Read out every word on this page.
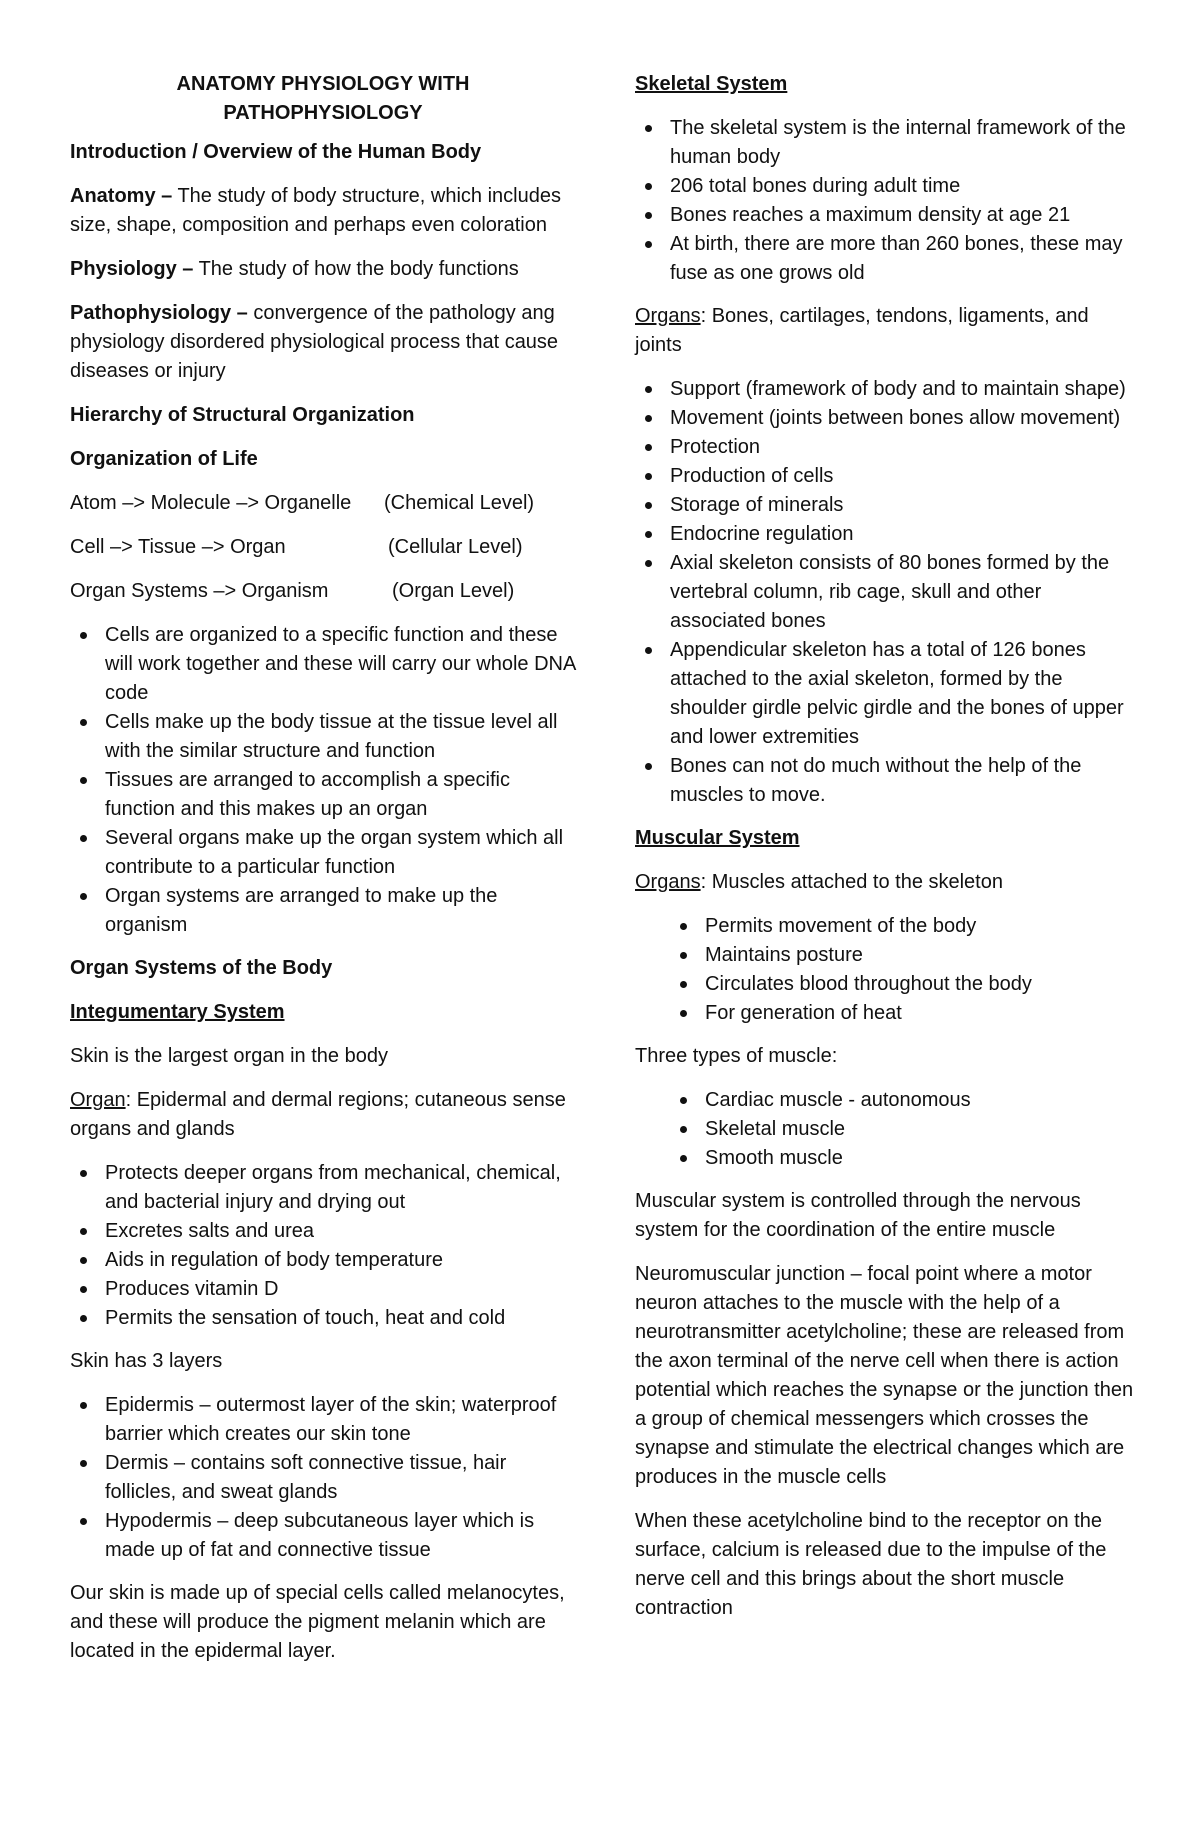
ANATOMY PHYSIOLOGY WITH
PATHOPHYSIOLOGY

Introduction / Overview of the Human Body

Anatomy – The study of body structure, which includes size, shape, composition and perhaps even coloration

Physiology – The study of how the body functions

Pathophysiology – convergence of the pathology ang physiology disordered physiological process that cause diseases or injury

Hierarchy of Structural Organization

Organization of Life

Atom –> Molecule –> Organelle	(Chemical Level)

Cell –> Tissue –> Organ	(Cellular Level)

Organ Systems –> Organism	(Organ Level)

Cells are organized to a specific function and these will work together and these will carry our whole DNA code
Cells make up the body tissue at the tissue level all with the similar structure and function
Tissues are arranged to accomplish a specific function and this makes up an organ
Several organs make up the organ system which all contribute to a particular function
Organ systems are arranged to make up the organism

Organ Systems of the Body

Integumentary System

Skin is the largest organ in the body

Organ: Epidermal and dermal regions; cutaneous sense organs and glands

Protects deeper organs from mechanical, chemical, and bacterial injury and drying out
Excretes salts and urea
Aids in regulation of body temperature
Produces vitamin D
Permits the sensation of touch, heat and cold

Skin has 3 layers

Epidermis – outermost layer of the skin; waterproof barrier which creates our skin tone
Dermis – contains soft connective tissue, hair follicles, and sweat glands
Hypodermis – deep subcutaneous layer which is made up of fat and connective tissue

Our skin is made up of special cells called melanocytes, and these will produce the pigment melanin which are located in the epidermal layer.

Skeletal System

The skeletal system is the internal framework of the human body
206 total bones during adult time
Bones reaches a maximum density at age 21
At birth, there are more than 260 bones, these may fuse as one grows old

Organs: Bones, cartilages, tendons, ligaments, and joints

Support (framework of body and to maintain shape)
Movement (joints between bones allow movement)
Protection
Production of cells
Storage of minerals
Endocrine regulation
Axial skeleton consists of 80 bones formed by the vertebral column, rib cage, skull and other associated bones
Appendicular skeleton has a total of 126 bones attached to the axial skeleton, formed by the shoulder girdle pelvic girdle and the bones of upper and lower extremities
Bones can not do much without the help of the muscles to move.

Muscular System

Organs: Muscles attached to the skeleton

Permits movement of the body
Maintains posture
Circulates blood throughout the body
For generation of heat

Three types of muscle:

Cardiac muscle - autonomous
Skeletal muscle
Smooth muscle

Muscular system is controlled through the nervous system for the coordination of the entire muscle

Neuromuscular junction – focal point where a motor neuron attaches to the muscle with the help of a neurotransmitter acetylcholine; these are released from the axon terminal of the nerve cell when there is action potential which reaches the synapse or the junction then a group of chemical messengers which crosses the synapse and stimulate the electrical changes which are produces in the muscle cells

When these acetylcholine bind to the receptor on the surface, calcium is released due to the impulse of the nerve cell and this brings about the short muscle contraction
